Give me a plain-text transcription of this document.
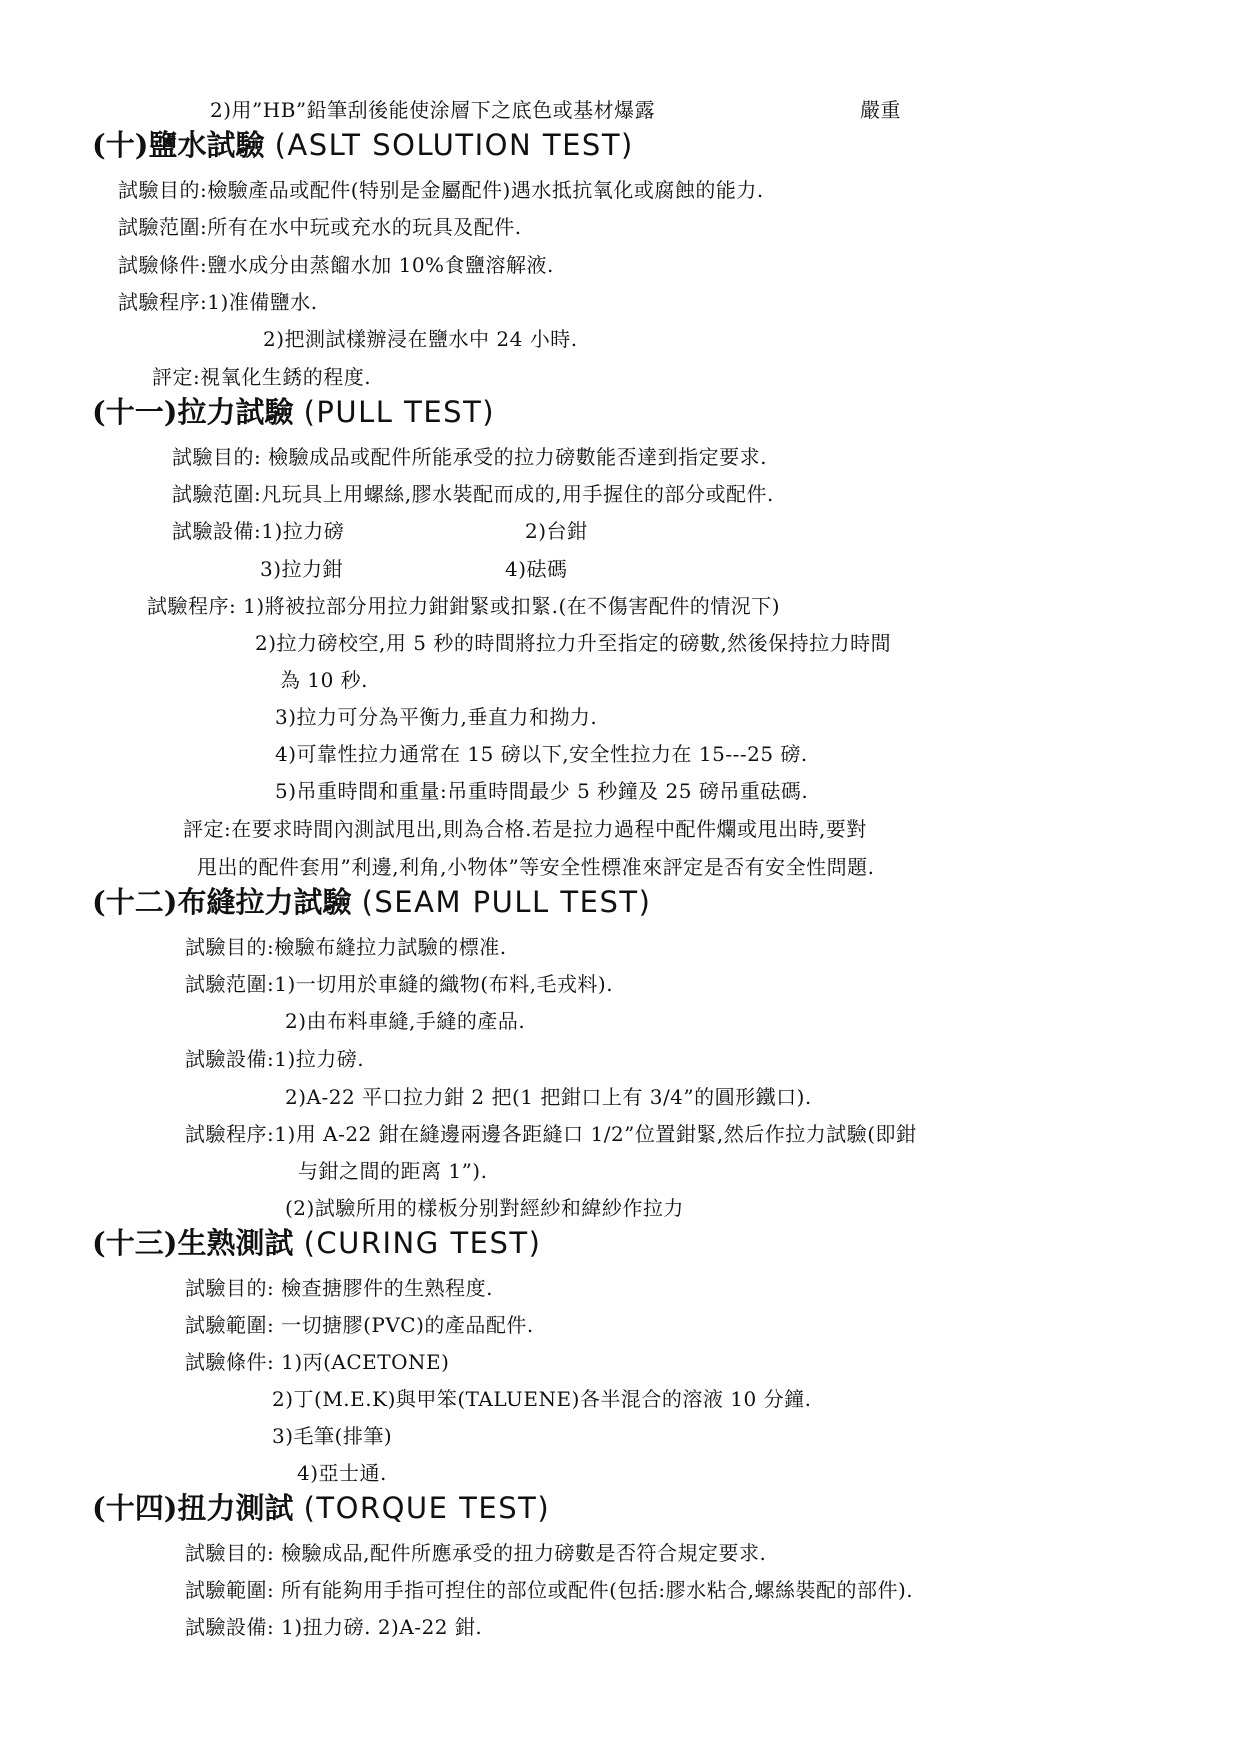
(十)鹽水試驗 (ASLT SOLUTION TEST)
(十一)拉力試驗 (PULL TEST)
(十二)布縫拉力試驗 (SEAM PULL TEST)
(十三)生熟測試 (CURING TEST)
(十四)扭力測試 (TORQUE TEST)
2)用”HB”鉛筆刮後能使涂層下之底色或基材爆露	嚴重
試驗目的:檢驗產品或配件(特别是金屬配件)遇水抵抗氧化或腐蝕的能力.
試驗范圍:所有在水中玩或充水的玩具及配件.
試驗條件:鹽水成分由蒸餾水加 10%食鹽溶解液.
試驗程序:1)准備鹽水.
2)把測試樣辦浸在鹽水中 24 小時.
評定:視氧化生銹的程度.
試驗目的: 檢驗成品或配件所能承受的拉力磅數能否達到指定要求.
試驗范圍:凡玩具上用螺絲,膠水裝配而成的,用手握住的部分或配件.
試驗設備:1)拉力磅	2)台鉗
3)拉力鉗	4)砝碼
試驗程序: 1)將被拉部分用拉力鉗鉗緊或扣緊.(在不傷害配件的情況下)
2)拉力磅校空,用 5 秒的時間將拉力升至指定的磅數,然後保持拉力時間
為 10 秒.
3)拉力可分為平衡力,垂直力和拗力.
4)可靠性拉力通常在 15 磅以下,安全性拉力在 15---25 磅.
5)吊重時間和重量:吊重時間最少 5 秒鐘及 25 磅吊重砝碼.
評定:在要求時間內測試甩出,則為合格.若是拉力過程中配件爛或甩出時,要對
甩出的配件套用”利邊,利角,小物体”等安全性標准來評定是否有安全性問題.
試驗目的:檢驗布縫拉力試驗的標准.
試驗范圍:1)一切用於車縫的織物(布料,毛戎料).
2)由布料車縫,手縫的產品.
試驗設備:1)拉力磅.
2)A-22 平口拉力鉗 2 把(1 把鉗口上有 3/4”的圓形鐵口).
試驗程序:1)用 A-22 鉗在縫邊兩邊各距縫口 1/2”位置鉗緊,然后作拉力試驗(即鉗
与鉗之間的距离 1”).
(2)試驗所用的樣板分别對經紗和緯紗作拉力
試驗目的: 檢查搪膠件的生熟程度.
試驗範圍: 一切搪膠(PVC)的產品配件.
試驗條件: 1)丙(ACETONE)
2)丁(M.E.K)與甲笨(TALUENE)各半混合的溶液 10 分鐘.
3)毛筆(排筆)
4)亞士通.
試驗目的: 檢驗成品,配件所應承受的扭力磅數是否符合規定要求.
試驗範圍: 所有能夠用手指可揑住的部位或配件(包括:膠水粘合,螺絲裝配的部件).
試驗設備: 1)扭力磅. 2)A-22 鉗.
